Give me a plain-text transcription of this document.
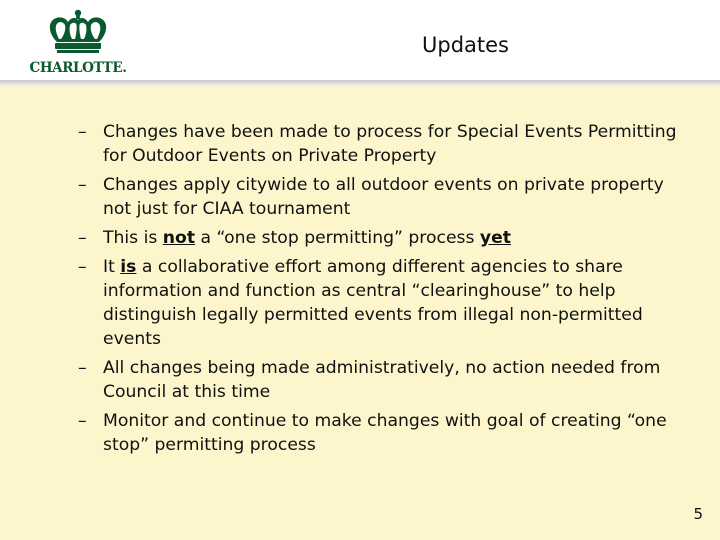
CHARLOTTE.
Updates
– Changes have been made to process for Special Events Permitting for Outdoor Events on Private Property
– Changes apply citywide to all outdoor events on private property not just for CIAA tournament
– This is not a “one stop permitting” process yet
– It is a collaborative effort among different agencies to share information and function as central “clearinghouse” to help distinguish legally permitted events from illegal non-permitted events
– All changes being made administratively, no action needed from Council at this time
– Monitor and continue to make changes with goal of creating “one stop” permitting process
5
